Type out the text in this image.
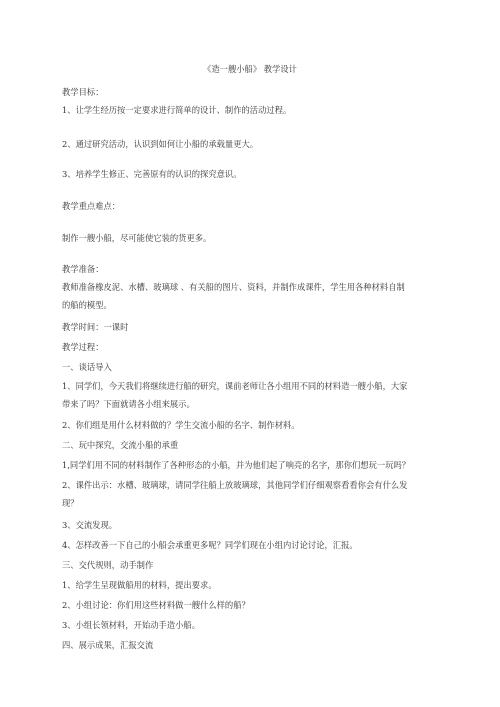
《造一艘小船》 教学设计
教学目标：
1、让学生经历按一定要求进行简单的设计、制作的活动过程。
2、通过研究活动，认识到如何让小船的承载量更大。
3、培养学生修正、完善原有的认识的探究意识。
教学重点难点：
制作一艘小船，尽可能使它装的货更多。
教学准备：
教师准备橡皮泥、水槽、玻璃球 、有关船的图片、资料，并制作成课件，学生用各种材料自制
的船的模型。
教学时间：一课时
教学过程：
一、谈话导入
1、同学们，今天我们将继续进行船的研究，课前老师让各小组用不同的材料造一艘小船，大家
带来了吗？下面就请各小组来展示。
2、你们组是用什么材料做的？学生交流小船的名字、制作材料。
二、玩中探究，交流小船的承重
1,同学们用不同的材料制作了各种形态的小船，并为他们起了响亮的名字，那你们想玩一玩吗？
2、课件出示：水槽、玻璃球，请同学往船上放玻璃球，其他同学们仔细观察看看你会有什么发
现？
3、交流发现。
4、怎样改善一下自己的小船会承重更多呢？同学们现在小组内讨论讨论，汇报。
三、交代规则，动手制作
1、给学生呈现做船用的材料，提出要求。
2、小组讨论：你们用这些材料做一艘什么样的船？
3、小组长领材料，开始动手造小船。
四、展示成果，汇报交流
